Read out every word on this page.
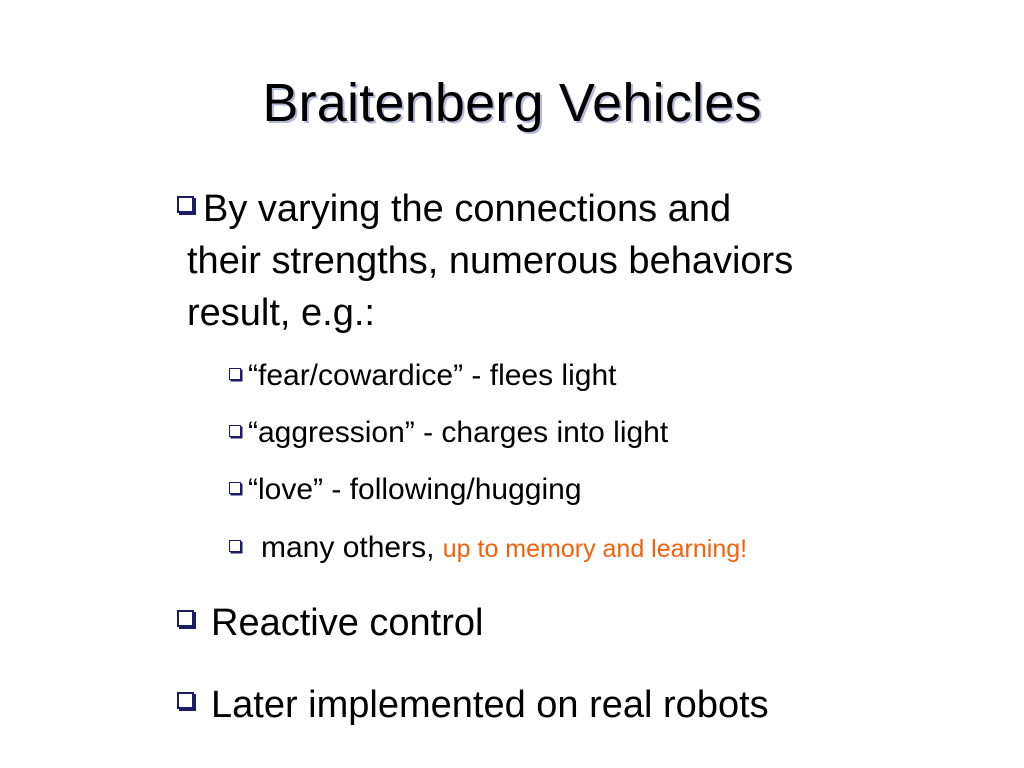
Braitenberg Vehicles
By varying the connections and
their strengths, numerous behaviors
result, e.g.:
“fear/cowardice” - flees light
“aggression” - charges into light
“love” - following/hugging
many others, up to memory and learning!
Reactive control
Later implemented on real robots
